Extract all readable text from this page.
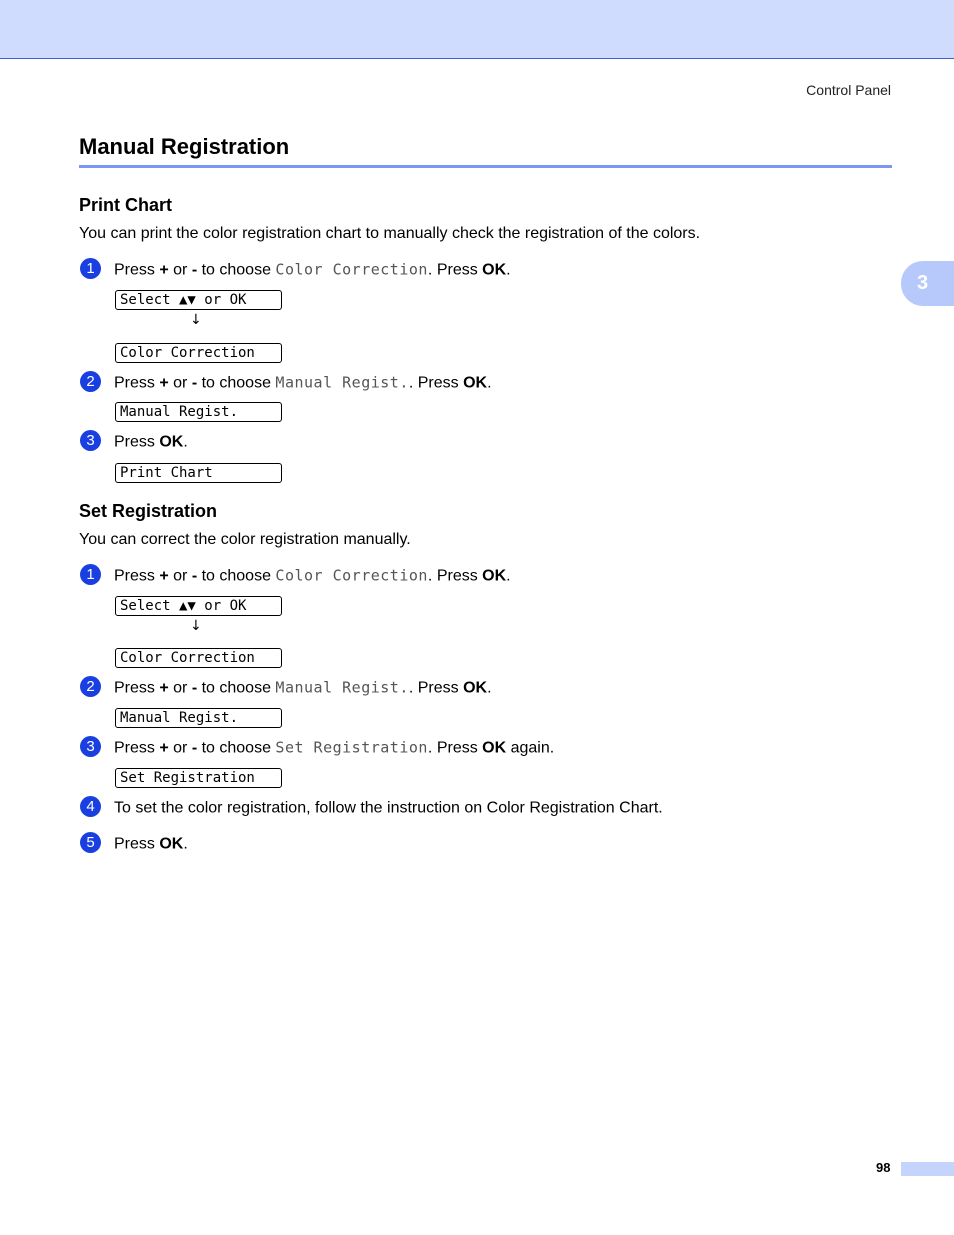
Control Panel
3
Manual Registration
Print Chart
You can print the color registration chart to manually check the registration of the colors.
1 Press + or - to choose Color Correction. Press OK.
Select ▲▼ or OK
↓
Color Correction
2 Press + or - to choose Manual Regist.. Press OK.
Manual Regist.
3 Press OK.
Print Chart
Set Registration
You can correct the color registration manually.
1 Press + or - to choose Color Correction. Press OK.
Select ▲▼ or OK
↓
Color Correction
2 Press + or - to choose Manual Regist.. Press OK.
Manual Regist.
3 Press + or - to choose Set Registration. Press OK again.
Set Registration
4 To set the color registration, follow the instruction on Color Registration Chart.
5 Press OK.
98
